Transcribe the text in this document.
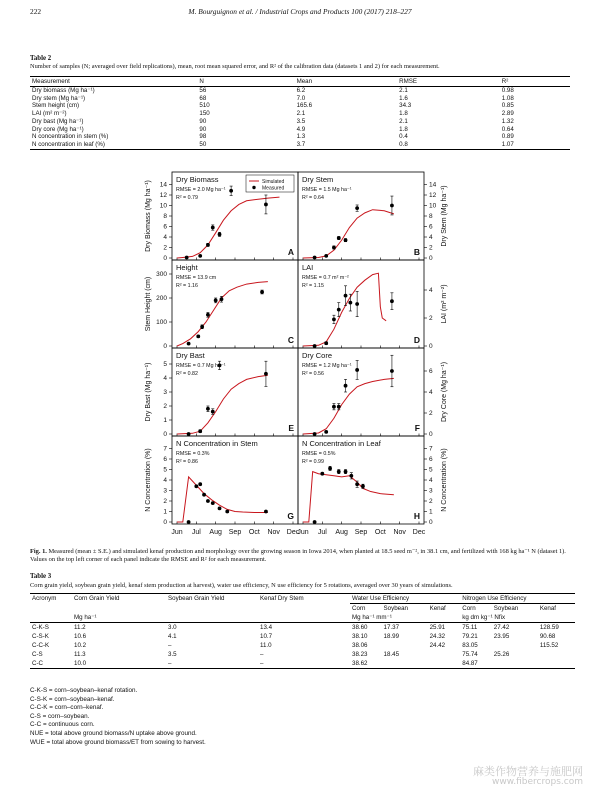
222	M. Bourguignon et al. / Industrial Crops and Products 100 (2017) 218–227
Table 2
Number of samples (N; averaged over field replications), mean, root mean squared error, and R² of the calibration data (datasets 1 and 2) for each measurement.
Measurement	N	Mean	RMSE	R²
Dry biomass (Mg ha⁻¹)	56	6.2	2.1	0.98
Dry stem (Mg ha⁻¹)	68	7.0	1.6	1.08
Stem height (cm)	510	165.6	34.3	0.85
LAI (m² m⁻²)	150	2.1	1.8	2.89
Dry bast (Mg ha⁻¹)	90	3.5	2.1	1.32
Dry core (Mg ha⁻¹)	90	4.9	1.8	0.64
N concentration in stem (%)	98	1.3	0.4	0.89
N concentration in leaf (%)	50	3.7	0.8	1.07
0
2
4
6
8
10
12
14
Dry Biomass (Mg ha⁻¹)
Dry Biomass
RMSE = 2.0 Mg ha⁻¹
R² = 0.79
A
0
2
4
6
8
10
12
14
Dry Stem (Mg ha⁻¹)
Dry Stem
RMSE = 1.5 Mg ha⁻¹
R² = 0.64
B
0
100
200
300
Stem Height (cm)
Height
RMSE = 13.9 cm
R² = 1.16
C
0
2
4 LAI (m² m⁻²)
LAI
RMSE = 0.7 m² m⁻²
R² = 1.15
D
0
1
2
3
4
5
Dry Bast (Mg ha⁻¹)
Dry Bast
RMSE = 0.7 Mg ha⁻¹
R² = 0.82
E
0
2
4
6 Dry Core (Mg ha⁻¹)
Dry Core
RMSE = 1.2 Mg ha⁻¹
R² = 0.56
F
0
1
2
3
4
5
6
7
N Concentration (%)
N Concentration in Stem
RMSE = 0.3%
R² = 0.86
G
0
1
2
3
4
5
6
7 N Concentration (%)
N Concentration in Leaf
RMSE = 0.5%
R² = 0.99
H
Simulated
Measured
Jun Jul Aug Sep Oct Nov Dec
Jun Jul Aug Sep Oct Nov Dec
Fig. 1. Measured (mean ± S.E.) and simulated kenaf production and morphology over the growing season in Iowa 2014, when planted at 18.5 seed m⁻², in 38.1 cm, and fertilized with 168 kg ha⁻¹ N (dataset 1). Values on the top left corner of each panel indicate the RMSE and R² for each measurement.
Table 3
Corn grain yield, soybean grain yield, kenaf stem production at harvest), water use efficiency, N use efficiency for 5 rotations, averaged over 30 years of simulations.
Acronym	Corn Grain Yield	Soybean Grain Yield	Kenaf Dry Stem	Water Use Efficiency			Nitrogen Use Efficiency		
				Corn	Soybean	Kenaf	Corn	Soybean	Kenaf
	Mg ha⁻¹			Mg ha⁻¹ mm⁻¹			kg dm kg⁻¹ Nfix		
C-K-S	11.2	3.0	13.4	38.60	17.37	25.91	75.11	27.42	128.59
C-S-K	10.6	4.1	10.7	38.10	18.99	24.32	79.21	23.95	90.68
C-C-K	10.2	–	11.0	38.06		24.42	83.05		115.52
C-S	11.3	3.5	–	38.23	18.45		75.74	25.26	
C-C	10.0	–	–	38.62			84.87		
C-K-S = corn–soybean–kenaf rotation.
C-S-K = corn–soybean–kenaf.
C-C-K = corn–corn–kenaf.
C-S = corn–soybean.
C-C = continuous corn.
NUE = total above ground biomass/N uptake above ground.
WUE = total above ground biomass/ET from sowing to harvest.
麻类作物营养与施肥网
www.fibercrops.com
